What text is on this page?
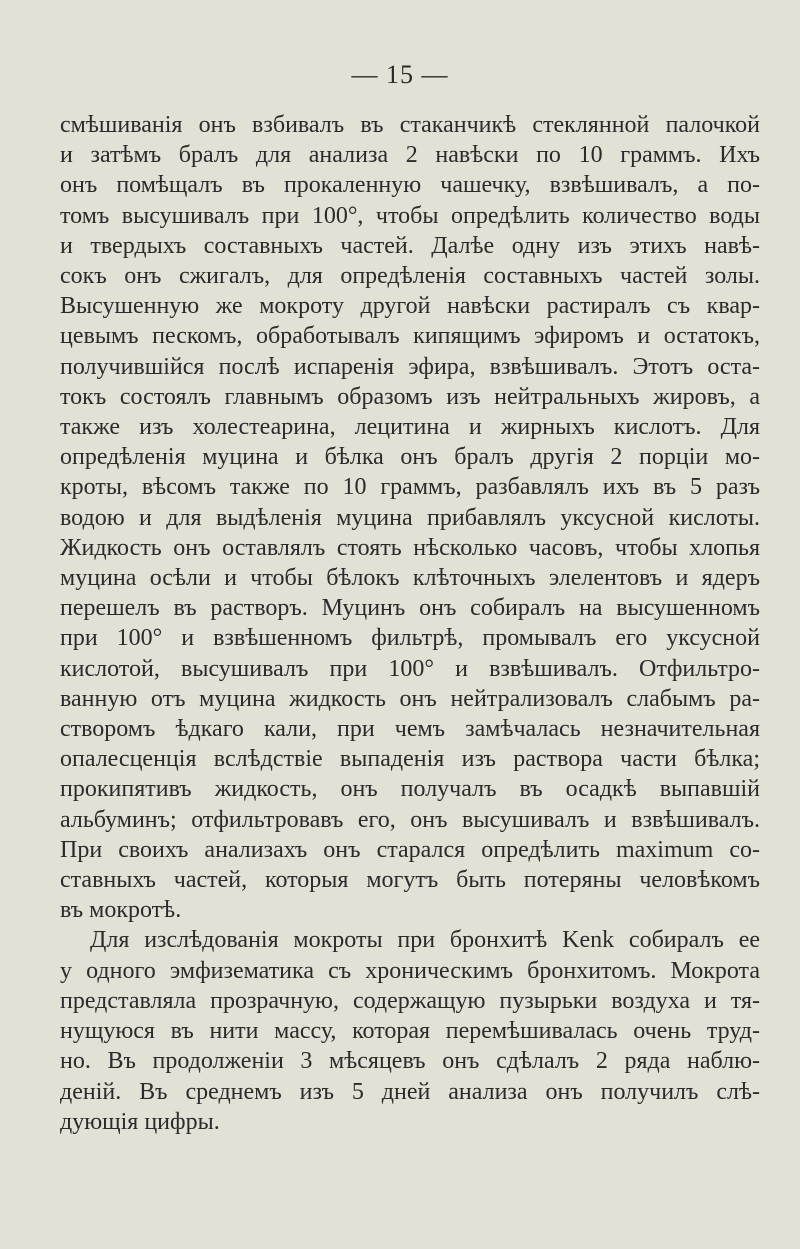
— 15 —
смѣшиванія онъ взбивалъ въ стаканчикѣ стеклянной палочкой
и затѣмъ бралъ для анализа 2 навѣски по 10 граммъ. Ихъ
онъ помѣщалъ въ прокаленную чашечку, взвѣшивалъ, а по-
томъ высушивалъ при 100°, чтобы опредѣлить количество воды
и твердыхъ составныхъ частей. Далѣе одну изъ этихъ навѣ-
сокъ онъ сжигалъ, для опредѣленія составныхъ частей золы.
Высушенную же мокроту другой навѣски растиралъ съ квар-
цевымъ пескомъ, обработывалъ кипящимъ эфиромъ и остатокъ,
получившійся послѣ испаренія эфира, взвѣшивалъ. Этотъ оста-
токъ состоялъ главнымъ образомъ изъ нейтральныхъ жировъ, а
также изъ холестеарина, лецитина и жирныхъ кислотъ. Для
опредѣленія муцина и бѣлка онъ бралъ другія 2 порціи мо-
кроты, вѣсомъ также по 10 граммъ, разбавлялъ ихъ въ 5 разъ
водою и для выдѣленія муцина прибавлялъ уксусной кислоты.
Жидкость онъ оставлялъ стоять нѣсколько часовъ, чтобы хлопья
муцина осѣли и чтобы бѣлокъ клѣточныхъ элелентовъ и ядеръ
перешелъ въ растворъ. Муцинъ онъ собиралъ на высушенномъ
при 100° и взвѣшенномъ фильтрѣ, промывалъ его уксусной
кислотой, высушивалъ при 100° и взвѣшивалъ. Отфильтро-
ванную отъ муцина жидкость онъ нейтрализовалъ слабымъ ра-
створомъ ѣдкаго кали, при чемъ замѣчалась незначительная
опалесценція вслѣдствіе выпаденія изъ раствора части бѣлка;
прокипятивъ жидкость, онъ получалъ въ осадкѣ выпавшій
альбуминъ; отфильтровавъ его, онъ высушивалъ и взвѣшивалъ.
При своихъ анализахъ онъ старался опредѣлить maximum со-
ставныхъ частей, которыя могутъ быть потеряны человѣкомъ
въ мокротѣ.
Для изслѣдованія мокроты при бронхитѣ Kenk собиралъ ее
у одного эмфизематика съ хроническимъ бронхитомъ. Мокрота
представляла прозрачную, содержащую пузырьки воздуха и тя-
нущуюся въ нити массу, которая перемѣшивалась очень труд-
но. Въ продолженіи 3 мѣсяцевъ онъ сдѣлалъ 2 ряда наблю-
деній. Въ среднемъ изъ 5 дней анализа онъ получилъ слѣ-
дующія цифры.
